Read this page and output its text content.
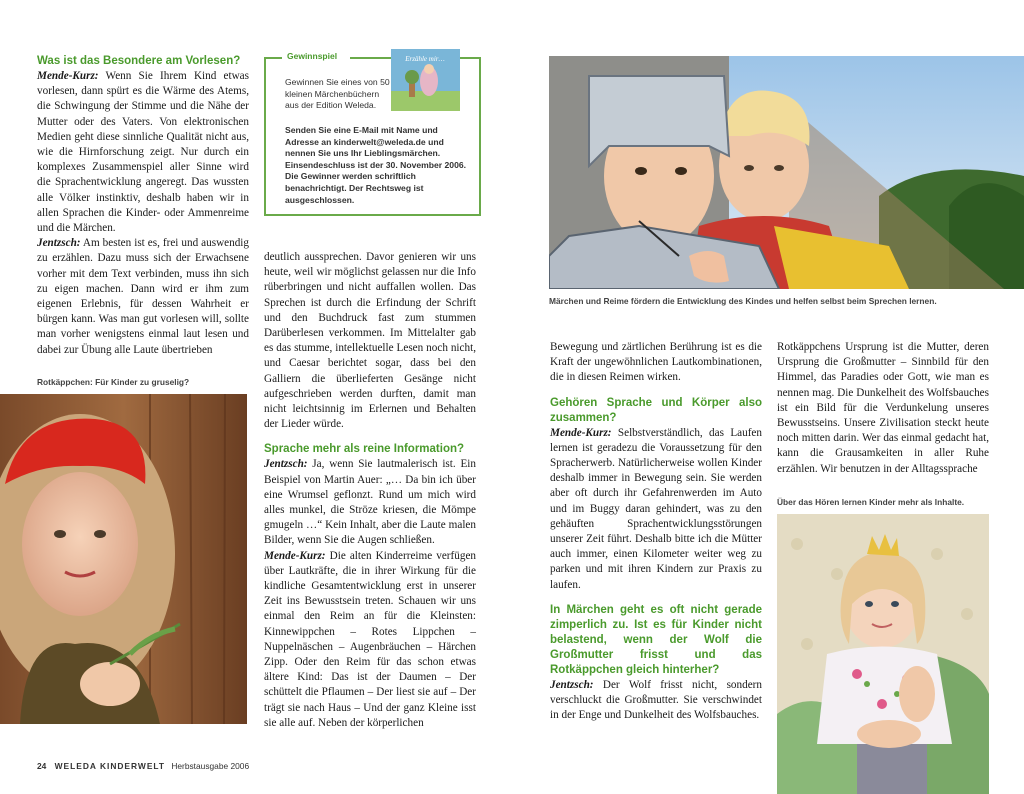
Was ist das Besondere am Vorlesen?

Mende-Kurz: Wenn Sie Ihrem Kind etwas vorlesen, dann spürt es die Wärme des Atems, die Schwingung der Stimme und die Nähe der Mutter oder des Vaters. Von elektronischen Medien geht diese sinnliche Qualität nicht aus, wie die Hirnforschung zeigt. Nur durch ein komplexes Zusammenspiel aller Sinne wird die Sprachentwicklung angeregt. Das wussten alle Völker instinktiv, deshalb haben wir in allen Sprachen die Kinder- oder Ammenreime und die Märchen.

Jentzsch: Am besten ist es, frei und auswendig zu erzählen. Dazu muss sich der Erwachsene vorher mit dem Text verbinden, muss ihn sich zu eigen machen. Dann wird er ihm zum eigenen Erlebnis, für dessen Wahrheit er bürgen kann. Was man gut vorlesen will, sollte man vorher wenigstens einmal laut lesen und dabei zur Übung alle Laute übertrieben

Rotkäppchen: Für Kinder zu gruselig?
Gewinnspiel
Gewinnen Sie eines von 50 kleinen Märchenbüchern aus der Edition Weleda.
Erzähle mir…
Senden Sie eine E-Mail mit Name und Adresse an kinderwelt@weleda.de und nennen Sie uns Ihr Lieblingsmärchen. Einsendeschluss ist der 30. November 2006. Die Gewinner werden schriftlich benachrichtigt. Der Rechtsweg ist ausgeschlossen.

deutlich aussprechen. Davor genieren wir uns heute, weil wir möglichst gelassen nur die Info rüberbringen und nicht auffallen wollen. Das Sprechen ist durch die Erfindung der Schrift und den Buchdruck fast zum stummen Darüberlesen verkommen. Im Mittelalter gab es das stumme, intellektuelle Lesen noch nicht, und Caesar berichtet sogar, dass bei den Galliern die überlieferten Gesänge nicht aufgeschrieben werden durften, damit man nicht leichtsinnig im Erlernen und Behalten der Lieder würde.

Sprache mehr als reine Information?

Jentzsch: Ja, wenn Sie lautmalerisch ist. Ein Beispiel von Martin Auer: „… Da bin ich über eine Wrumsel geflonzt. Rund um mich wird alles munkel, die Ströze kriesen, die Mömpe gmugeln …“ Kein Inhalt, aber die Laute malen Bilder, wenn Sie die Augen schließen.

Mende-Kurz: Die alten Kinderreime verfügen über Lautkräfte, die in ihrer Wirkung für die kindliche Gesamtentwicklung erst in unserer Zeit ins Bewusstsein treten. Schauen wir uns einmal den Reim an für die Kleinsten: Kinnewippchen – Rotes Lippchen – Nuppelnäschen – Augenbräuchen – Härchen Zipp. Oder den Reim für das schon etwas ältere Kind: Das ist der Daumen – Der schüttelt die Pflaumen – Der liest sie auf – Der trägt sie nach Haus – Und der ganz Kleine isst sie alle auf. Neben der körperlichen

24 WELEDA KINDERWELT Herbstausgabe 2006
Märchen und Reime fördern die Entwicklung des Kindes und helfen selbst beim Sprechen lernen.

Bewegung und zärtlichen Berührung ist es die Kraft der ungewöhnlichen Lautkombinationen, die in diesen Reimen wirken.

Gehören Sprache und Körper also zusammen?

Mende-Kurz: Selbstverständlich, das Laufen lernen ist geradezu die Voraussetzung für den Spracherwerb. Natürlicherweise wollen Kinder deshalb immer in Bewegung sein. Sie werden aber oft durch ihr Gefahrenwerden im Auto und im Buggy daran gehindert, was zu den gehäuften Sprachentwicklungsstörungen unserer Zeit führt. Deshalb bitte ich die Mütter auch immer, einen Kilometer weiter weg zu parken und mit ihren Kindern zur Praxis zu laufen.

In Märchen geht es oft nicht gerade zimperlich zu. Ist es für Kinder nicht belastend, wenn der Wolf die Großmutter frisst und das Rotkäppchen gleich hinterher?

Jentzsch: Der Wolf frisst nicht, sondern verschluckt die Großmutter. Sie verschwindet in der Enge und Dunkelheit des Wolfsbauches.

Rotkäppchens Ursprung ist die Mutter, deren Ursprung die Großmutter – Sinnbild für den Himmel, das Paradies oder Gott, wie man es nennen mag. Die Dunkelheit des Wolfsbauches ist ein Bild für die Verdunkelung unseres Bewusstseins. Unsere Zivilisation steckt heute noch mitten darin. Wer das einmal gedacht hat, kann die Grausamkeiten in aller Ruhe erzählen. Wir benutzen in der Alltagssprache

Über das Hören lernen Kinder mehr als Inhalte.
